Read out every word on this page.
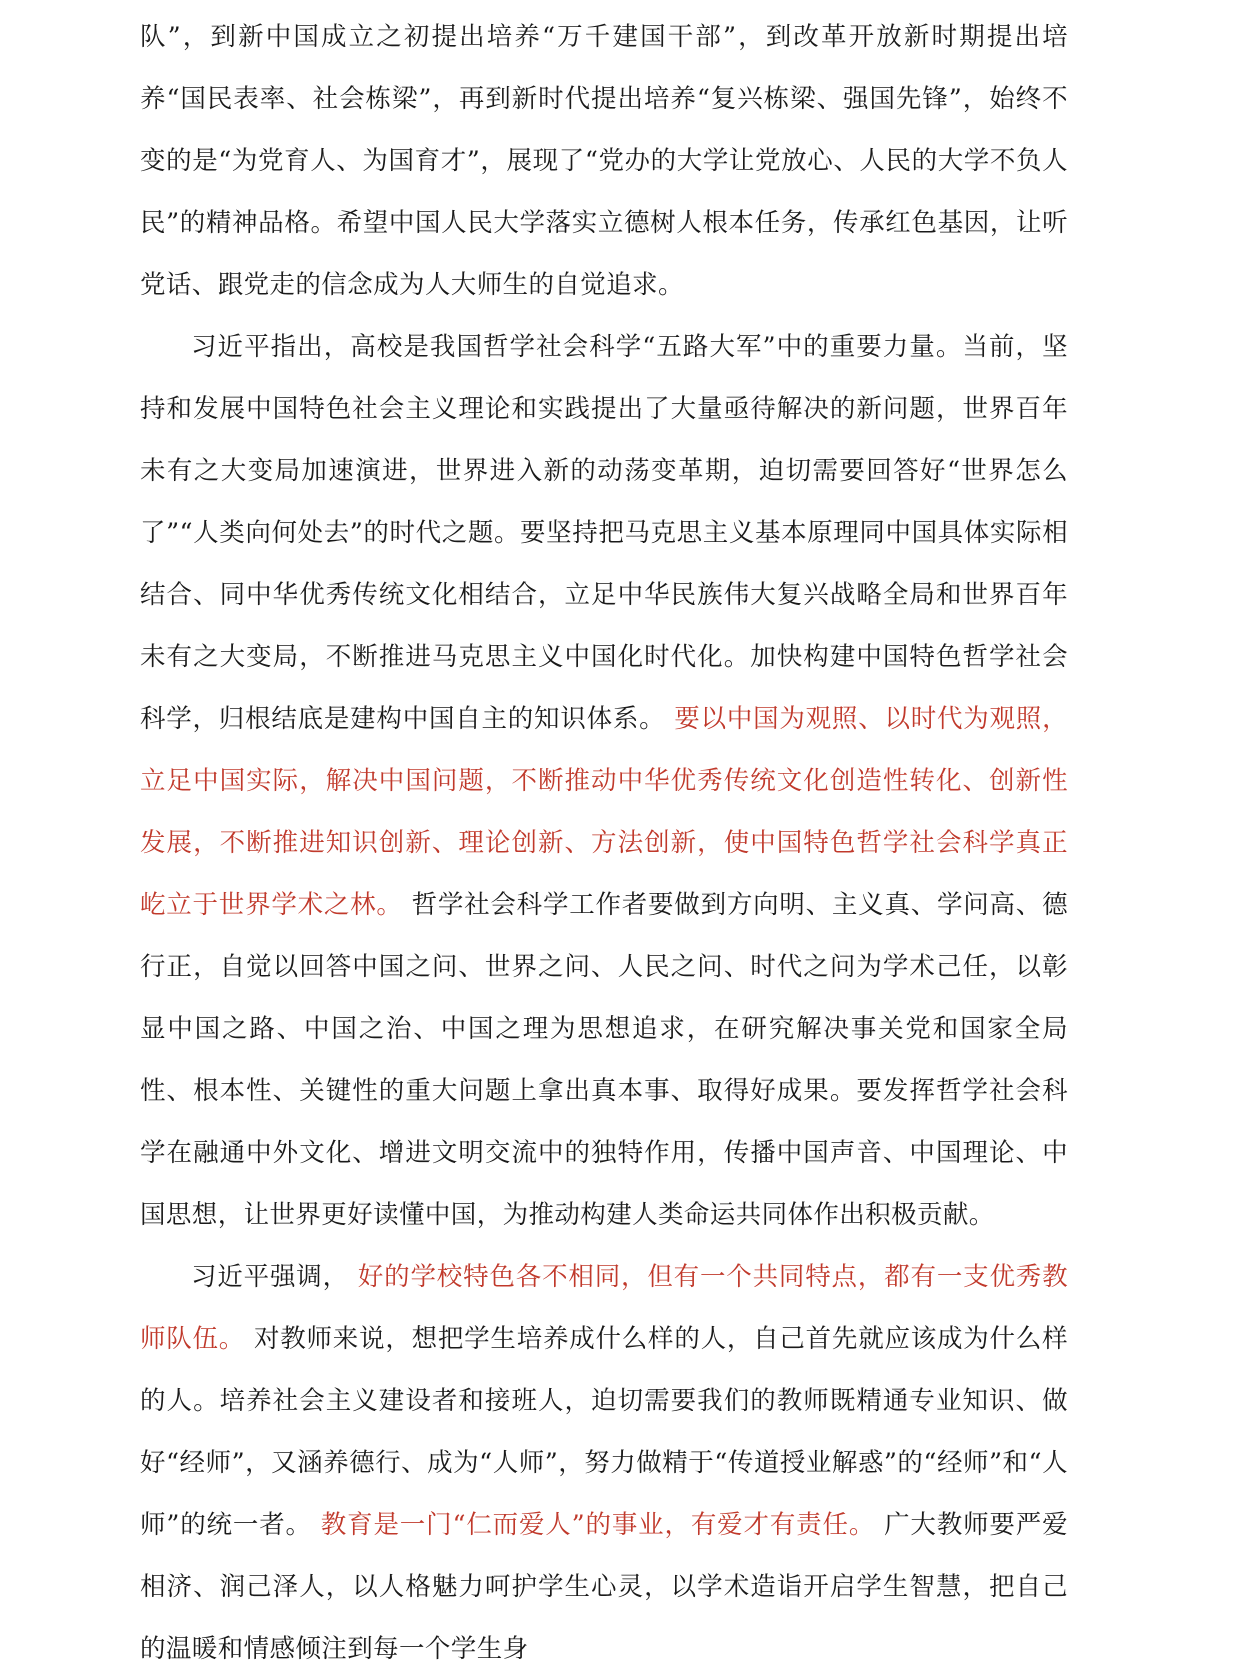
队”，到新中国成立之初提出培养“万千建国干部”，到改革开放新时期提出培养“国民表率、社会栋梁”，再到新时代提出培养“复兴栋梁、强国先锋”，始终不变的是“为党育人、为国育才”，展现了“党办的大学让党放心、人民的大学不负人民”的精神品格。希望中国人民大学落实立德树人根本任务，传承红色基因，让听党话、跟党走的信念成为人大师生的自觉追求。

习近平指出，高校是我国哲学社会科学“五路大军”中的重要力量。当前，坚持和发展中国特色社会主义理论和实践提出了大量亟待解决的新问题，世界百年未有之大变局加速演进，世界进入新的动荡变革期，迫切需要回答好“世界怎么了”“人类向何处去”的时代之题。要坚持把马克思主义基本原理同中国具体实际相结合、同中华优秀传统文化相结合，立足中华民族伟大复兴战略全局和世界百年未有之大变局，不断推进马克思主义中国化时代化。加快构建中国特色哲学社会科学，归根结底是建构中国自主的知识体系。 要以中国为观照、以时代为观照，立足中国实际，解决中国问题，不断推动中华优秀传统文化创造性转化、创新性发展，不断推进知识创新、理论创新、方法创新，使中国特色哲学社会科学真正屹立于世界学术之林。 哲学社会科学工作者要做到方向明、主义真、学问高、德行正，自觉以回答中国之问、世界之问、人民之问、时代之问为学术己任，以彰显中国之路、中国之治、中国之理为思想追求，在研究解决事关党和国家全局性、根本性、关键性的重大问题上拿出真本事、取得好成果。要发挥哲学社会科学在融通中外文化、增进文明交流中的独特作用，传播中国声音、中国理论、中国思想，让世界更好读懂中国，为推动构建人类命运共同体作出积极贡献。

习近平强调， 好的学校特色各不相同，但有一个共同特点，都有一支优秀教师队伍。 对教师来说，想把学生培养成什么样的人，自己首先就应该成为什么样的人。培养社会主义建设者和接班人，迫切需要我们的教师既精通专业知识、做好“经师”，又涵养德行、成为“人师”，努力做精于“传道授业解惑”的“经师”和“人师”的统一者。 教育是一门“仁而爱人”的事业，有爱才有责任。 广大教师要严爱相济、润己泽人，以人格魅力呵护学生心灵，以学术造诣开启学生智慧，把自己的温暖和情感倾注到每一个学生身
